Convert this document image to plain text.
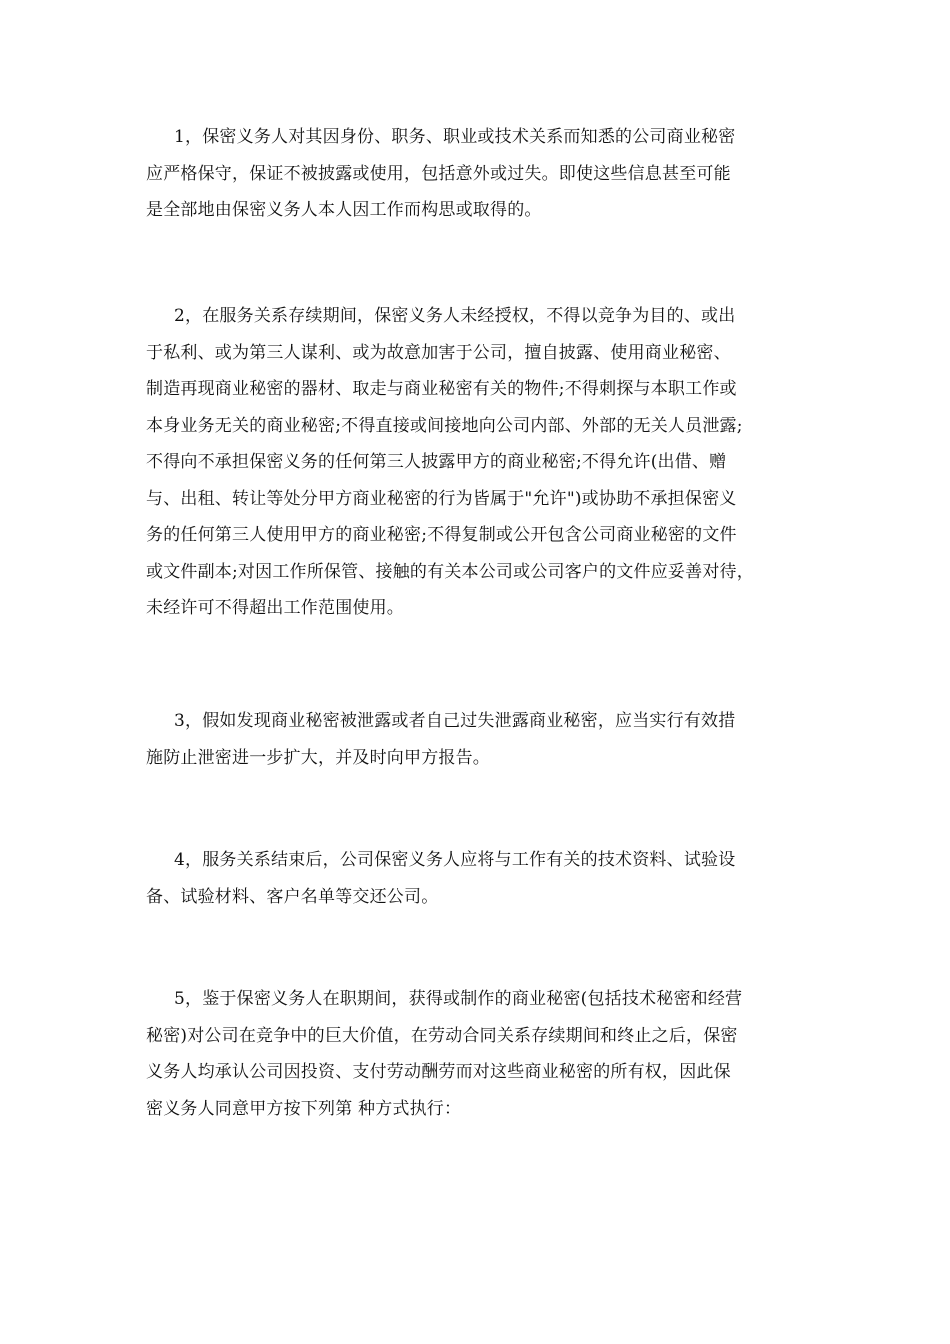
1，保密义务人对其因身份、职务、职业或技术关系而知悉的公司商业秘密
应严格保守，保证不被披露或使用，包括意外或过失。即使这些信息甚至可能
是全部地由保密义务人本人因工作而构思或取得的。
2，在服务关系存续期间，保密义务人未经授权，不得以竞争为目的、或出
于私利、或为第三人谋利、或为故意加害于公司，擅自披露、使用商业秘密、
制造再现商业秘密的器材、取走与商业秘密有关的物件;不得刺探与本职工作或
本身业务无关的商业秘密;不得直接或间接地向公司内部、外部的无关人员泄露;
不得向不承担保密义务的任何第三人披露甲方的商业秘密;不得允许(出借、赠
与、出租、转让等处分甲方商业秘密的行为皆属于"允许")或协助不承担保密义
务的任何第三人使用甲方的商业秘密;不得复制或公开包含公司商业秘密的文件
或文件副本;对因工作所保管、接触的有关本公司或公司客户的文件应妥善对待，
未经许可不得超出工作范围使用。
3，假如发现商业秘密被泄露或者自己过失泄露商业秘密，应当实行有效措
施防止泄密进一步扩大，并及时向甲方报告。
4，服务关系结束后，公司保密义务人应将与工作有关的技术资料、试验设
备、试验材料、客户名单等交还公司。
5，鉴于保密义务人在职期间，获得或制作的商业秘密(包括技术秘密和经营
秘密)对公司在竞争中的巨大价值，在劳动合同关系存续期间和终止之后，保密
义务人均承认公司因投资、支付劳动酬劳而对这些商业秘密的所有权，因此保
密义务人同意甲方按下列第 种方式执行：
